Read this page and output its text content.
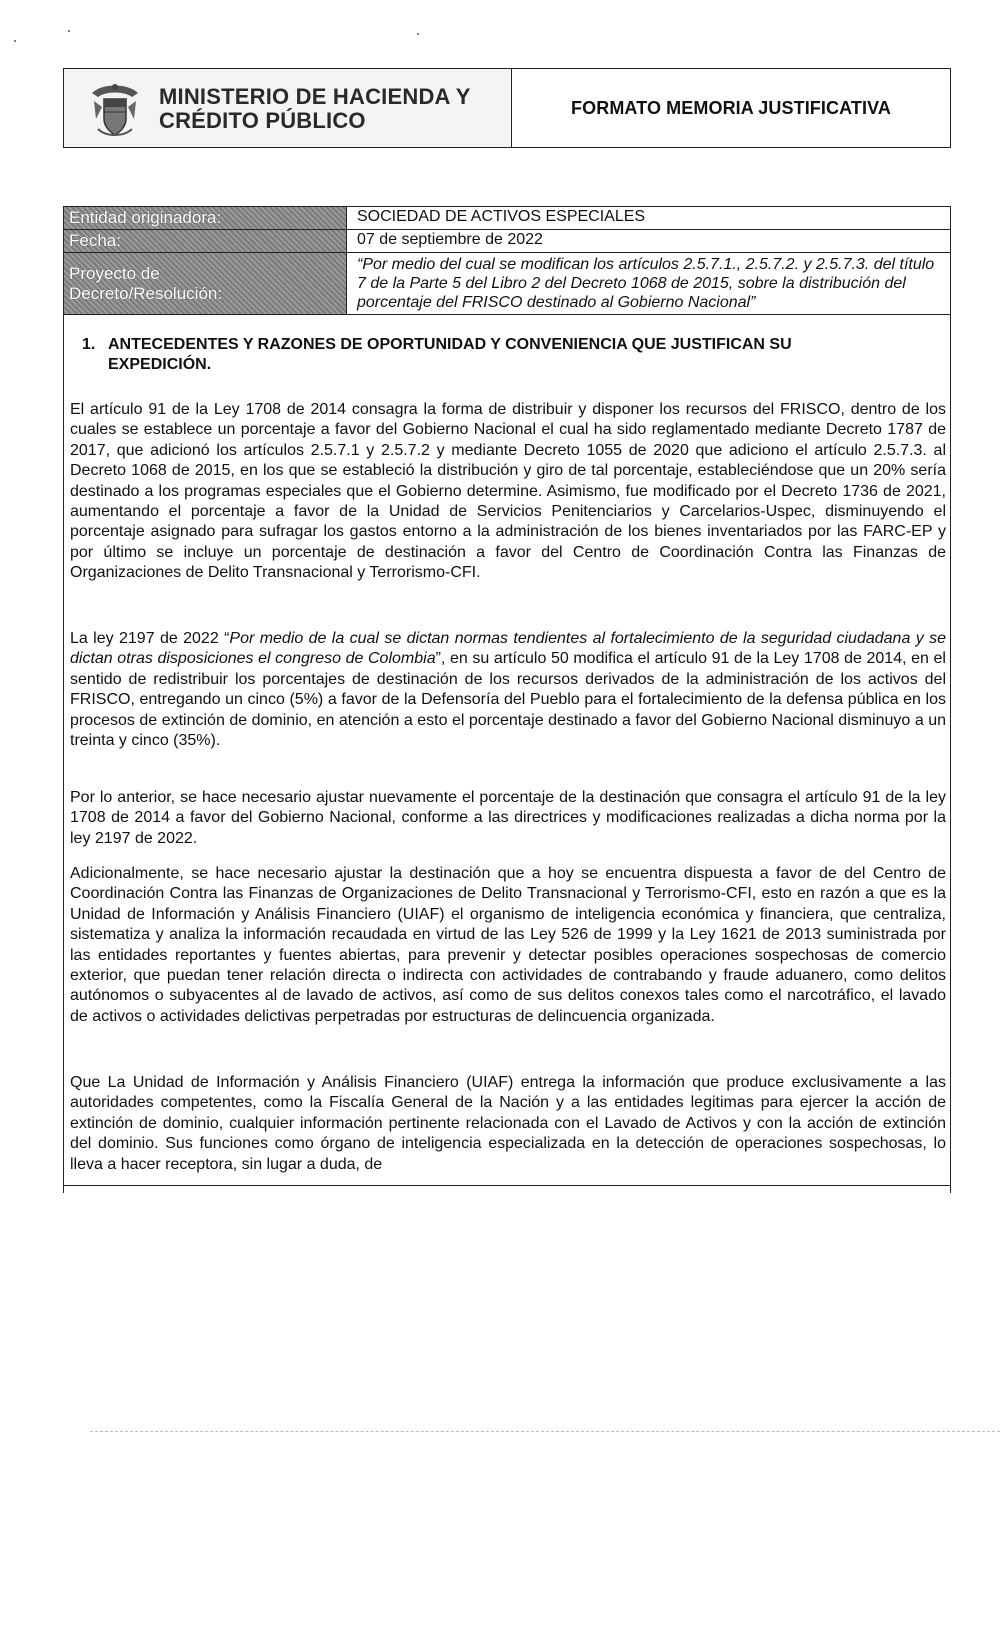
MINISTERIO DE HACIENDA Y
CRÉDITO PÚBLICO
FORMATO MEMORIA JUSTIFICATIVA
Entidad originadora:	SOCIEDAD DE ACTIVOS ESPECIALES
Fecha:	07 de septiembre de 2022
Proyecto de
Decreto/Resolución:
“Por medio del cual se modifican los artículos 2.5.7.1., 2.5.7.2. y 2.5.7.3. del título 7 de la Parte 5 del Libro 2 del Decreto 1068 de 2015, sobre la distribución del porcentaje del FRISCO destinado al Gobierno Nacional”
1. ANTECEDENTES Y RAZONES DE OPORTUNIDAD Y CONVENIENCIA QUE JUSTIFICAN SU
EXPEDICIÓN.
El artículo 91 de la Ley 1708 de 2014 consagra la forma de distribuir y disponer los recursos del FRISCO, dentro de los cuales se establece un porcentaje a favor del Gobierno Nacional el cual ha sido reglamentado mediante Decreto 1787 de 2017, que adicionó los artículos 2.5.7.1 y 2.5.7.2 y mediante Decreto 1055 de 2020 que adiciono el artículo 2.5.7.3. al Decreto 1068 de 2015, en los que se estableció la distribución y giro de tal porcentaje, estableciéndose que un 20% sería destinado a los programas especiales que el Gobierno determine. Asimismo, fue modificado por el Decreto 1736 de 2021, aumentando el porcentaje a favor de la Unidad de Servicios Penitenciarios y Carcelarios-Uspec, disminuyendo el porcentaje asignado para sufragar los gastos entorno a la administración de los bienes inventariados por las FARC-EP y por último se incluye un porcentaje de destinación a favor del Centro de Coordinación Contra las Finanzas de Organizaciones de Delito Transnacional y Terrorismo-CFI.
La ley 2197 de 2022 “Por medio de la cual se dictan normas tendientes al fortalecimiento de la seguridad ciudadana y se dictan otras disposiciones el congreso de Colombia”, en su artículo 50 modifica el artículo 91 de la Ley 1708 de 2014, en el sentido de redistribuir los porcentajes de destinación de los recursos derivados de la administración de los activos del FRISCO, entregando un cinco (5%) a favor de la Defensoría del Pueblo para el fortalecimiento de la defensa pública en los procesos de extinción de dominio, en atención a esto el porcentaje destinado a favor del Gobierno Nacional disminuyo a un treinta y cinco (35%).
Por lo anterior, se hace necesario ajustar nuevamente el porcentaje de la destinación que consagra el artículo 91 de la ley 1708 de 2014 a favor del Gobierno Nacional, conforme a las directrices y modificaciones realizadas a dicha norma por la ley 2197 de 2022.
Adicionalmente, se hace necesario ajustar la destinación que a hoy se encuentra dispuesta a favor de del Centro de Coordinación Contra las Finanzas de Organizaciones de Delito Transnacional y Terrorismo-CFI, esto en razón a que es la Unidad de Información y Análisis Financiero (UIAF) el organismo de inteligencia económica y financiera, que centraliza, sistematiza y analiza la información recaudada en virtud de las Ley 526 de 1999 y la Ley 1621 de 2013 suministrada por las entidades reportantes y fuentes abiertas, para prevenir y detectar posibles operaciones sospechosas de comercio exterior, que puedan tener relación directa o indirecta con actividades de contrabando y fraude aduanero, como delitos autónomos o subyacentes al de lavado de activos, así como de sus delitos conexos tales como el narcotráfico, el lavado de activos o actividades delictivas perpetradas por estructuras de delincuencia organizada.
Que La Unidad de Información y Análisis Financiero (UIAF) entrega la información que produce exclusivamente a las autoridades competentes, como la Fiscalía General de la Nación y a las entidades legitimas para ejercer la acción de extinción de dominio, cualquier información pertinente relacionada con el Lavado de Activos y con la acción de extinción del dominio. Sus funciones como órgano de inteligencia especializada en la detección de operaciones sospechosas, lo lleva a hacer receptora, sin lugar a duda, de
